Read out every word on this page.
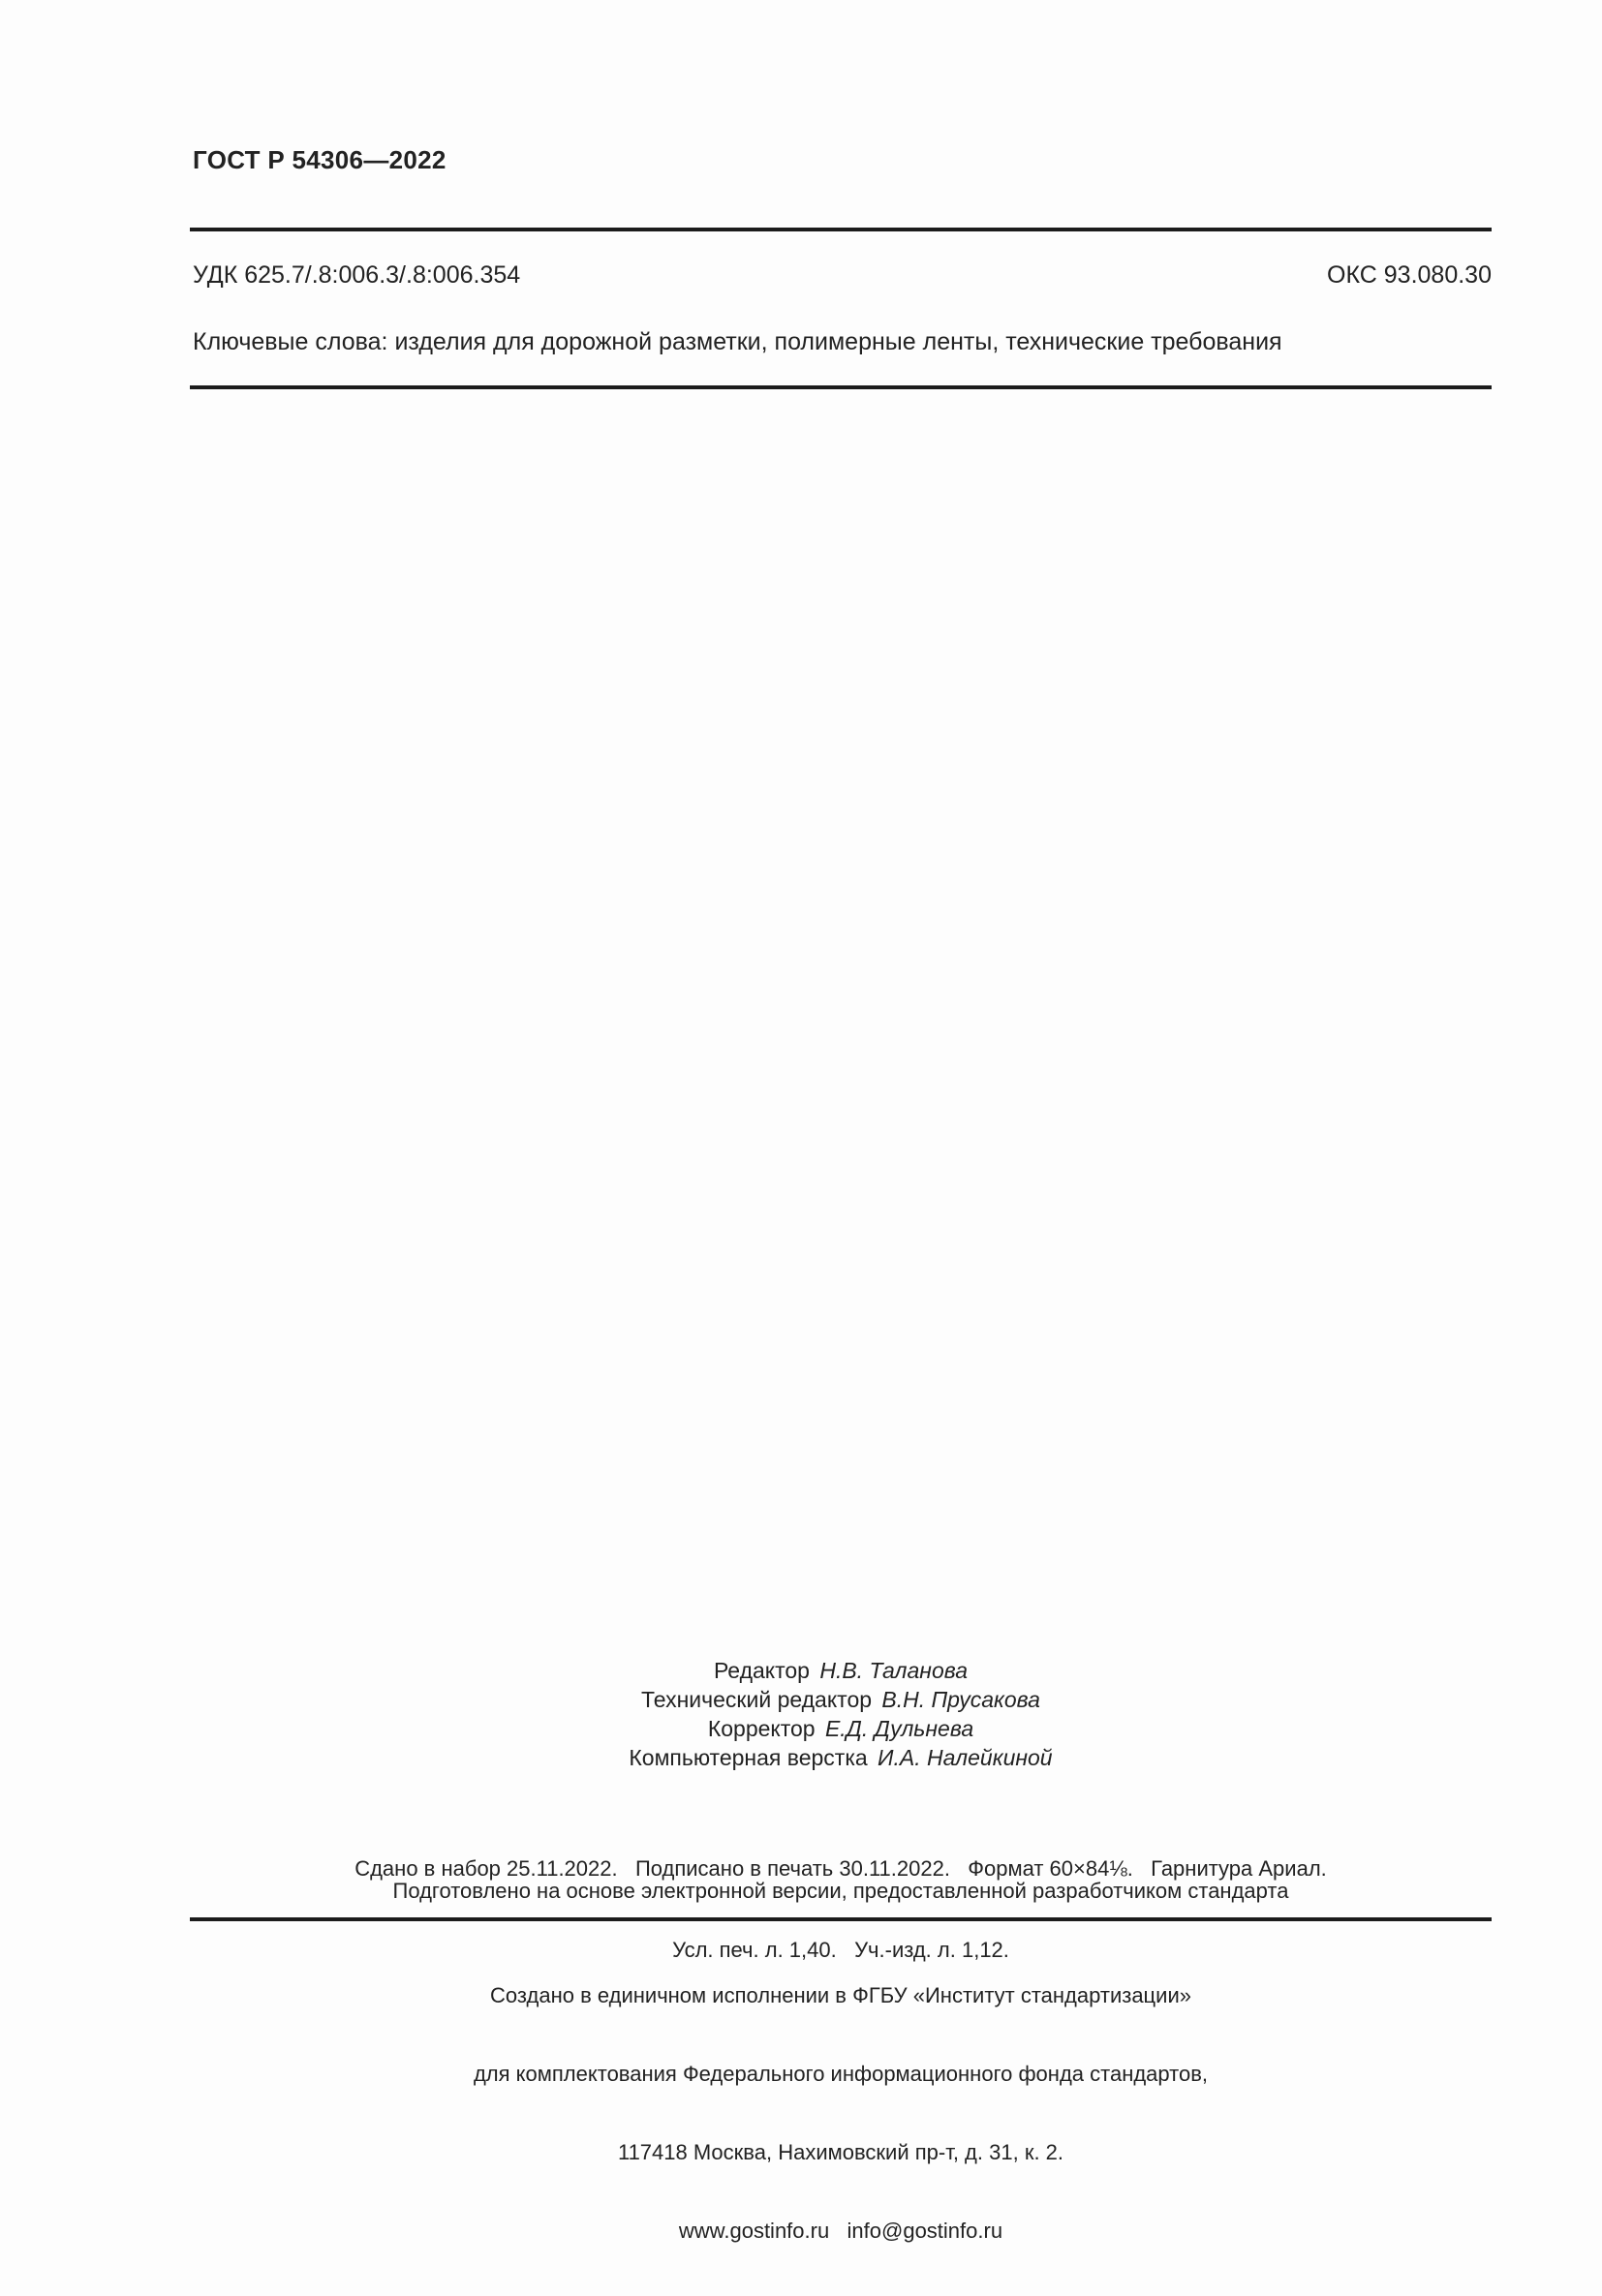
ГОСТ Р 54306—2022
УДК 625.7/.8:006.3/.8:006.354	ОКС 93.080.30
Ключевые слова: изделия для дорожной разметки, полимерные ленты, технические требования
Редактор Н.В. Таланова
Технический редактор В.Н. Прусакова
Корректор Е.Д. Дульнева
Компьютерная верстка И.А. Налейкиной

Сдано в набор 25.11.2022.   Подписано в печать 30.11.2022.   Формат 60×84⅛.   Гарнитура Ариал.

Усл. печ. л. 1,40.   Уч.-изд. л. 1,12.

Подготовлено на основе электронной версии, предоставленной разработчиком стандарта

Создано в единичном исполнении в ФГБУ «Институт стандартизации»

для комплектования Федерального информационного фонда стандартов,

117418 Москва, Нахимовский пр-т, д. 31, к. 2.

www.gostinfo.ru   info@gostinfo.ru
